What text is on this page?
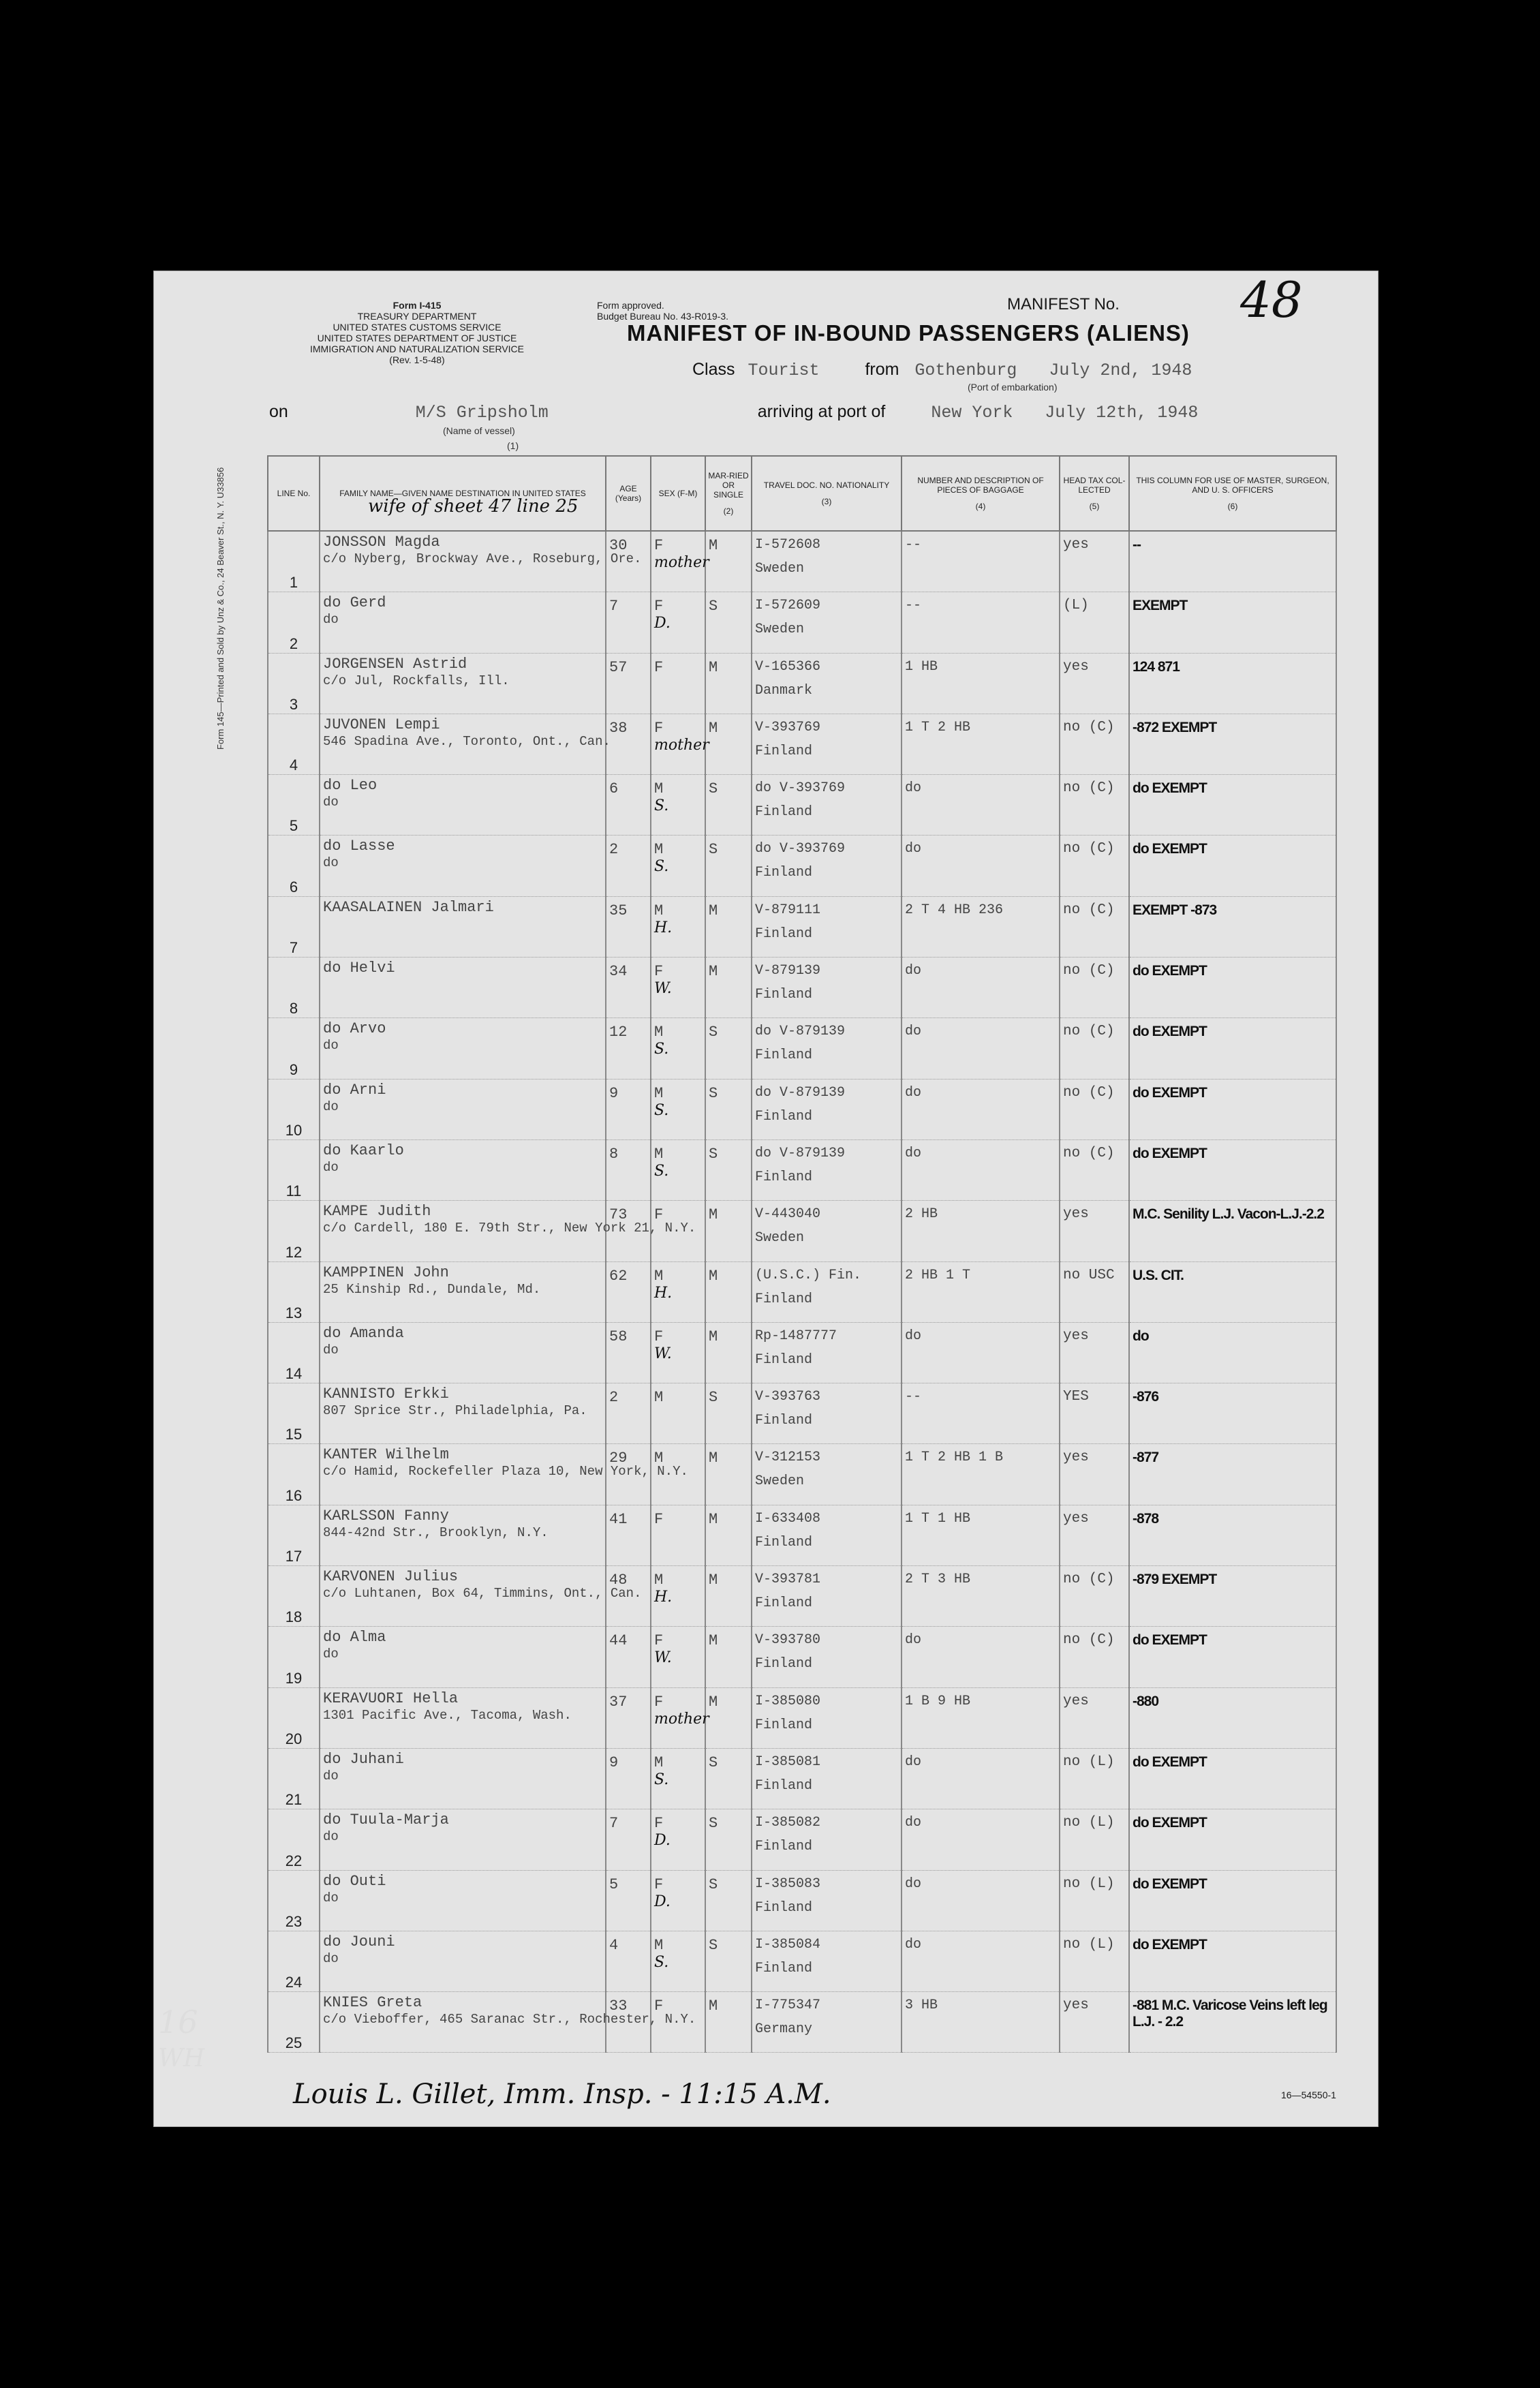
Form 145—Printed and Sold by Unz & Co., 24 Beaver St., N. Y. U33856
Form I-415
TREASURY DEPARTMENT
UNITED STATES CUSTOMS SERVICE
UNITED STATES DEPARTMENT OF JUSTICE
IMMIGRATION AND NATURALIZATION SERVICE
(Rev. 1-5-48)
Form approved.
Budget Bureau No. 43-R019-3.
MANIFEST No. 48
MANIFEST OF IN-BOUND PASSENGERS (ALIENS)
Class Tourist	from Gothenburg July 2nd, 1948
(Port of embarkation)
on	M/S Gripsholm	arriving at port of	New York July 12th, 1948
(Name of vessel)
(1)
LINE No.	FAMILY NAME—GIVEN NAME DESTINATION IN UNITED STATES	AGE (Years)	SEX (F-M)	MAR-RIED OR SINGLE
(2)	TRAVEL DOC. NO. NATIONALITY
(3)	NUMBER AND DESCRIPTION OF PIECES OF BAGGAGE
(4)	HEAD TAX COL-LECTED
(5)	THIS COLUMN FOR USE OF MASTER, SURGEON, AND U. S. OFFICERS
(6)

1	JONSSON Magda
c/o Nyberg, Brockway Ave., Roseburg, Ore.	30	F
mother	M	I-572608
Sweden	--	yes	--

2	do Gerd
do	7	F
D.	S	I-572609
Sweden	--	(L)	EXEMPT

3	JORGENSEN Astrid
c/o Jul, Rockfalls, Ill.	57	F	M	V-165366
Danmark	1 HB	yes	124 871

4	JUVONEN Lempi
546 Spadina Ave., Toronto, Ont., Can.	38	F
mother	M	V-393769
Finland	1 T 2 HB	no (C)	-872 EXEMPT

5	do Leo
do	6	M
S.	S	do V-393769
Finland	do	no (C)	do EXEMPT

6	do Lasse
do	2	M
S.	S	do V-393769
Finland	do	no (C)	do EXEMPT

7	KAASALAINEN Jalmari	35	M
H.	M	V-879111
Finland	2 T 4 HB 236	no (C)	EXEMPT -873

8	do Helvi	34	F
W.	M	V-879139
Finland	do	no (C)	do EXEMPT

9	do Arvo
do	12	M
S.	S	do V-879139
Finland	do	no (C)	do EXEMPT

10	do Arni
do	9	M
S.	S	do V-879139
Finland	do	no (C)	do EXEMPT

11	do Kaarlo
do	8	M
S.	S	do V-879139
Finland	do	no (C)	do EXEMPT

12	KAMPE Judith
c/o Cardell, 180 E. 79th Str., New York 21, N.Y.	73	F	M	V-443040
Sweden	2 HB	yes	M.C. Senility L.J. Vacon-L.J.-2.2

13	KAMPPINEN John
25 Kinship Rd., Dundale, Md.	62	M
H.	M	(U.S.C.) Fin.
Finland	2 HB 1 T	no USC	U.S. CIT.

14	do Amanda
do	58	F
W.	M	Rp-1487777
Finland	do	yes	do

15	KANNISTO Erkki
807 Sprice Str., Philadelphia, Pa.	2	M	S	V-393763
Finland	--	YES	-876

16	KANTER Wilhelm
c/o Hamid, Rockefeller Plaza 10, New York, N.Y.	29	M	M	V-312153
Sweden	1 T 2 HB 1 B	yes	-877

17	KARLSSON Fanny
844-42nd Str., Brooklyn, N.Y.	41	F	M	I-633408
Finland	1 T 1 HB	yes	-878

18	KARVONEN Julius
c/o Luhtanen, Box 64, Timmins, Ont., Can.	48	M
H.	M	V-393781
Finland	2 T 3 HB	no (C)	-879 EXEMPT

19	do Alma
do	44	F
W.	M	V-393780
Finland	do	no (C)	do EXEMPT

20	KERAVUORI Hella
1301 Pacific Ave., Tacoma, Wash.	37	F
mother	M	I-385080
Finland	1 B 9 HB	yes	-880

21	do Juhani
do	9	M
S.	S	I-385081
Finland	do	no (L)	do EXEMPT

22	do Tuula-Marja
do	7	F
D.	S	I-385082
Finland	do	no (L)	do EXEMPT

23	do Outi
do	5	F
D.	S	I-385083
Finland	do	no (L)	do EXEMPT

24	do Jouni
do	4	M
S.	S	I-385084
Finland	do	no (L)	do EXEMPT

25	KNIES Greta
c/o Vieboffer, 465 Saranac Str., Rochester, N.Y.	33	F	M	I-775347
Germany	3 HB	yes	-881 M.C. Varicose Veins left leg L.J. - 2.2
wife of sheet 47 line 25
Louis L. Gillet, Imm. Insp. - 11:15 A.M.	16—54550-1
16
WH
